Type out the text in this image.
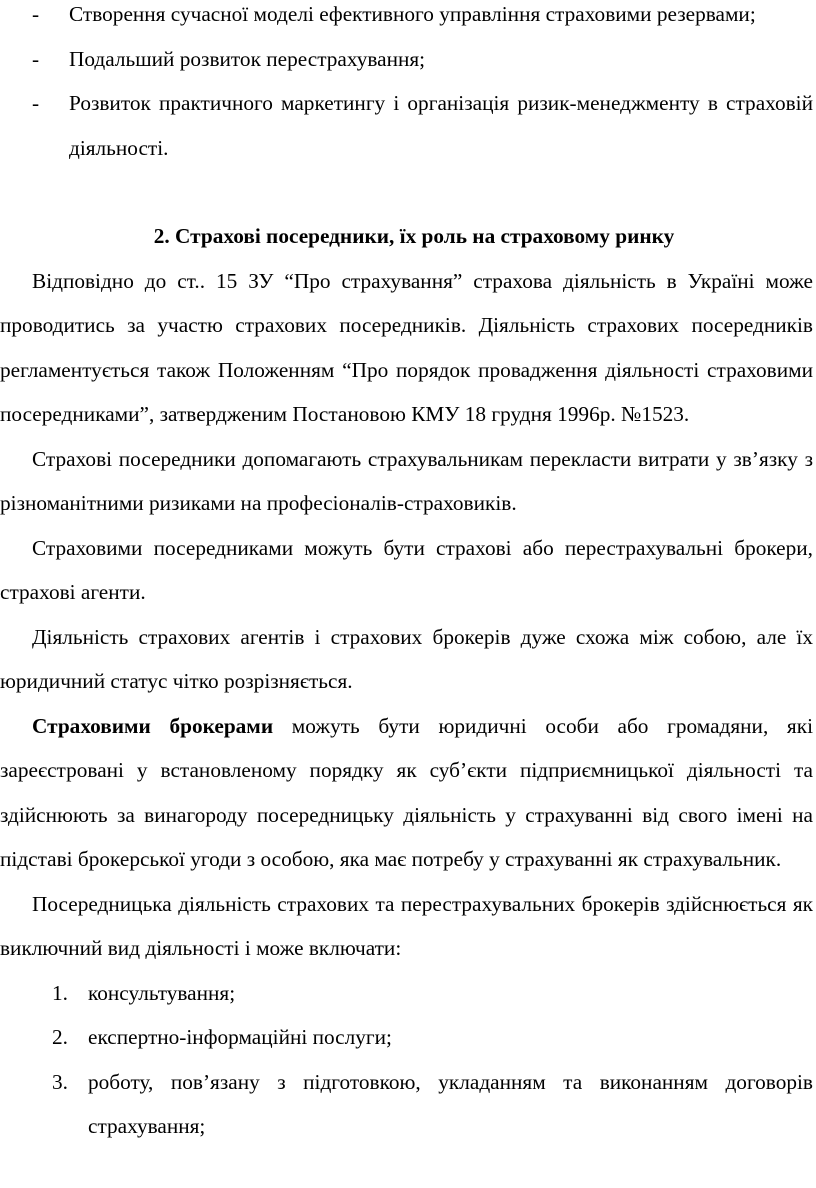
- Створення сучасної моделі ефективного управління страховими резервами;
- Подальший розвиток перестрахування;
- Розвиток практичного маркетингу і організація ризик-менеджменту в страховій діяльності.
2. Страхові посередники, їх роль на страховому ринку

Відповідно до ст.. 15 ЗУ “Про страхування” страхова діяльність в Україні може проводитись за участю страхових посередників. Діяльність страхових посередників регламентується також Положенням “Про порядок провадження діяльності страховими посередниками”, затвердженим Постановою КМУ 18 грудня 1996р. №1523.

Страхові посередники допомагають страхувальникам перекласти витрати у зв’язку з різноманітними ризиками на професіоналів-страховиків.

Страховими посередниками можуть бути страхові або перестрахувальні брокери, страхові агенти.

Діяльність страхових агентів і страхових брокерів дуже схожа між собою, але їх юридичний статус чітко розрізняється.

Страховими брокерами можуть бути юридичні особи або громадяни, які зареєстровані у встановленому порядку як суб’єкти підприємницької діяльності та здійснюють за винагороду посередницьку діяльність у страхуванні від свого імені на підставі брокерської угоди з особою, яка має потребу у страхуванні як страхувальник.

Посередницька діяльність страхових та перестрахувальних брокерів здійснюється як виключний вид діяльності і може включати:

1. консультування;
2. експертно-інформаційні послуги;
3. роботу, пов’язану з підготовкою, укладанням та виконанням договорів страхування;
